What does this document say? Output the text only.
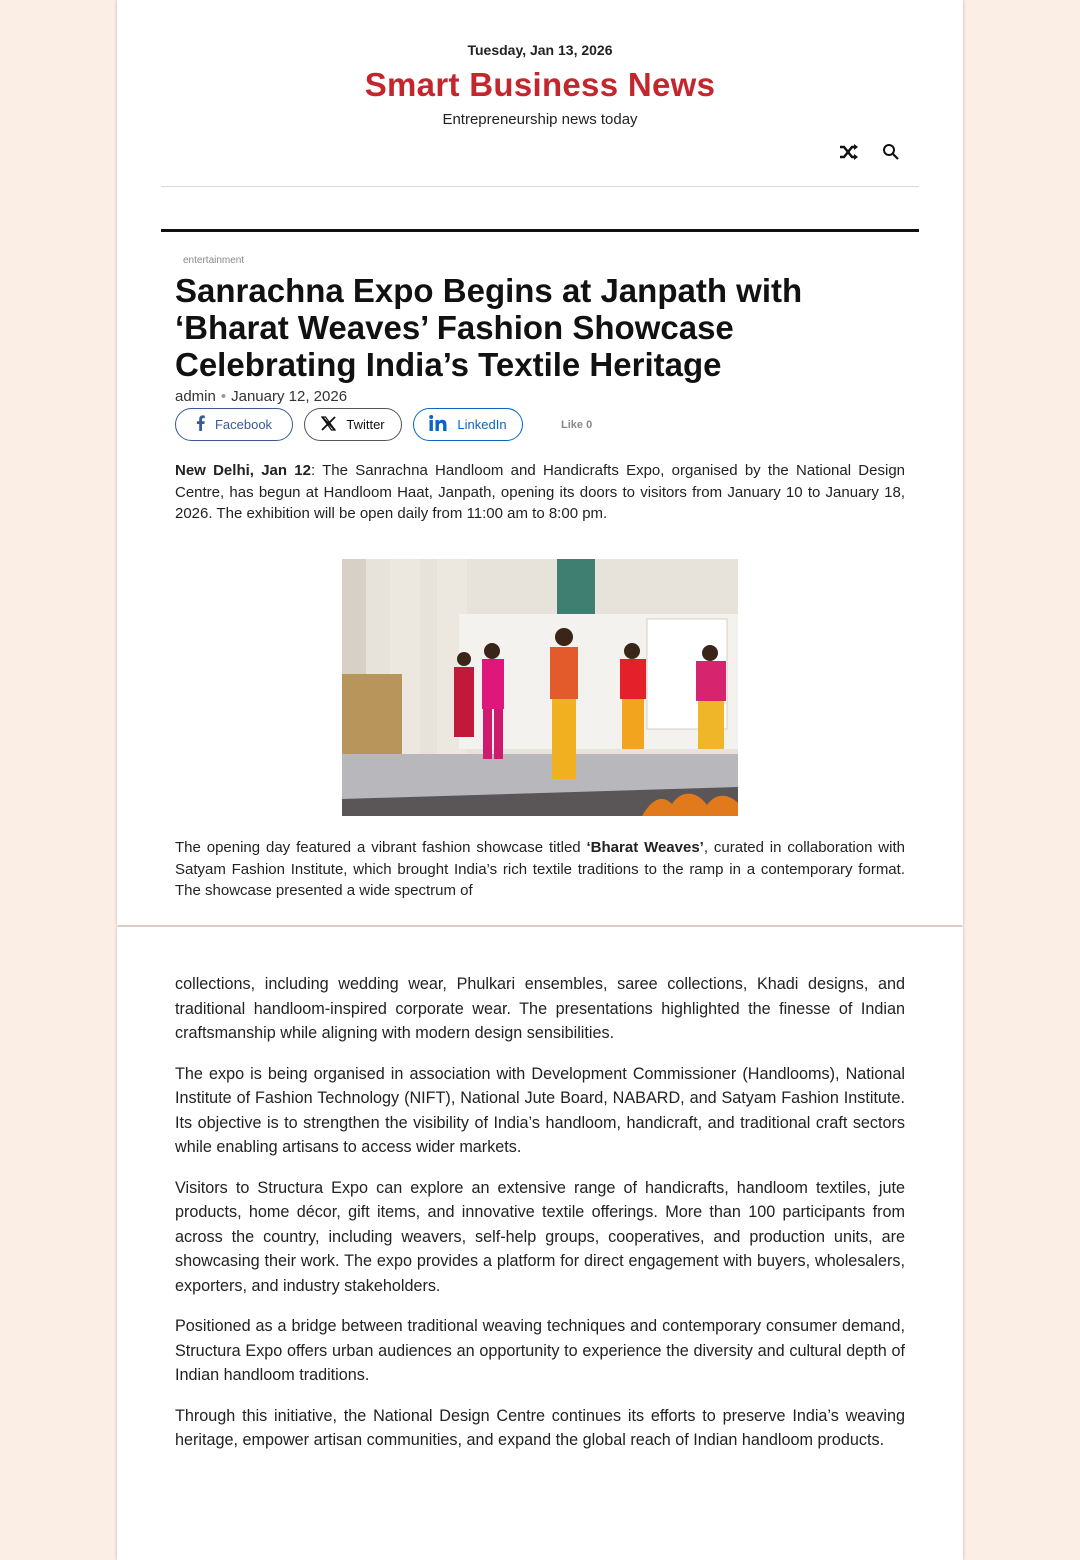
Tuesday, Jan 13, 2026
Smart Business News
Entrepreneurship news today
entertainment
Sanrachna Expo Begins at Janpath with ‘Bharat Weaves’ Fashion Showcase Celebrating India’s Textile Heritage
admin • January 12, 2026
Facebook	Twitter	LinkedIn	Like 0

New Delhi, Jan 12: The Sanrachna Handloom and Handicrafts Expo, organised by the National Design Centre, has begun at Handloom Haat, Janpath, opening its doors to visitors from January 10 to January 18, 2026. The exhibition will be open daily from 11:00 am to 8:00 pm.

The opening day featured a vibrant fashion showcase titled ‘Bharat Weaves’, curated in collaboration with Satyam Fashion Institute, which brought India’s rich textile traditions to the ramp in a contemporary format. The showcase presented a wide spectrum of

collections, including wedding wear, Phulkari ensembles, saree collections, Khadi designs, and traditional handloom-inspired corporate wear. The presentations highlighted the finesse of Indian craftsmanship while aligning with modern design sensibilities.

The expo is being organised in association with Development Commissioner (Handlooms), National Institute of Fashion Technology (NIFT), National Jute Board, NABARD, and Satyam Fashion Institute. Its objective is to strengthen the visibility of India’s handloom, handicraft, and traditional craft sectors while enabling artisans to access wider markets.

Visitors to Structura Expo can explore an extensive range of handicrafts, handloom textiles, jute products, home décor, gift items, and innovative textile offerings. More than 100 participants from across the country, including weavers, self-help groups, cooperatives, and production units, are showcasing their work. The expo provides a platform for direct engagement with buyers, wholesalers, exporters, and industry stakeholders.

Positioned as a bridge between traditional weaving techniques and contemporary consumer demand, Structura Expo offers urban audiences an opportunity to experience the diversity and cultural depth of Indian handloom traditions.

Through this initiative, the National Design Centre continues its efforts to preserve India’s weaving heritage, empower artisan communities, and expand the global reach of Indian handloom products.
